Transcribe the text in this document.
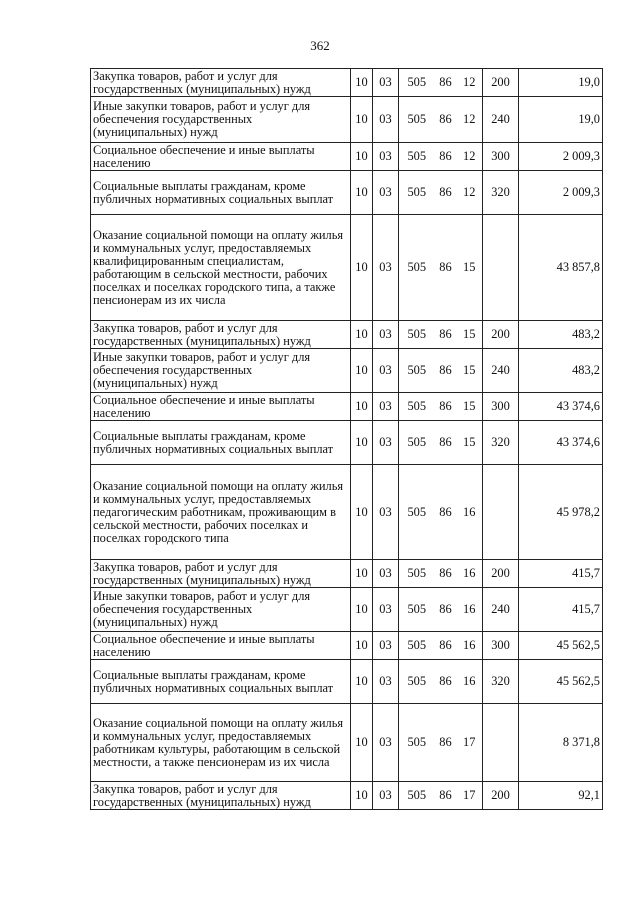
362
Закупка товаров, работ и услуг для государственных (муниципальных) нужд	10	03	505	86	12	200	19,0
Иные закупки товаров, работ и услуг для обеспечения государственных (муниципальных) нужд	10	03	505	86	12	240	19,0
Социальное обеспечение и иные выплаты населению	10	03	505	86	12	300	2 009,3
Социальные выплаты гражданам, кроме публичных нормативных социальных выплат	10	03	505	86	12	320	2 009,3
Оказание социальной помощи на оплату жилья и коммунальных услуг, предоставляемых квалифицированным специалистам, работающим в сельской местности, рабочих поселках и поселках городского типа, а также пенсионерам из их числа	10	03	505	86	15		43 857,8
Закупка товаров, работ и услуг для государственных (муниципальных) нужд	10	03	505	86	15	200	483,2
Иные закупки товаров, работ и услуг для обеспечения государственных (муниципальных) нужд	10	03	505	86	15	240	483,2
Социальное обеспечение и иные выплаты населению	10	03	505	86	15	300	43 374,6
Социальные выплаты гражданам, кроме публичных нормативных социальных выплат	10	03	505	86	15	320	43 374,6
Оказание социальной помощи на оплату жилья и коммунальных услуг, предоставляемых педагогическим работникам, проживающим в сельской местности, рабочих поселках и поселках городского типа	10	03	505	86	16		45 978,2
Закупка товаров, работ и услуг для государственных (муниципальных) нужд	10	03	505	86	16	200	415,7
Иные закупки товаров, работ и услуг для обеспечения государственных (муниципальных) нужд	10	03	505	86	16	240	415,7
Социальное обеспечение и иные выплаты населению	10	03	505	86	16	300	45 562,5
Социальные выплаты гражданам, кроме публичных нормативных социальных выплат	10	03	505	86	16	320	45 562,5
Оказание социальной помощи на оплату жилья и коммунальных услуг, предоставляемых работникам культуры, работающим в сельской местности, а также пенсионерам из их числа	10	03	505	86	17		8 371,8
Закупка товаров, работ и услуг для государственных (муниципальных) нужд	10	03	505	86	17	200	92,1
